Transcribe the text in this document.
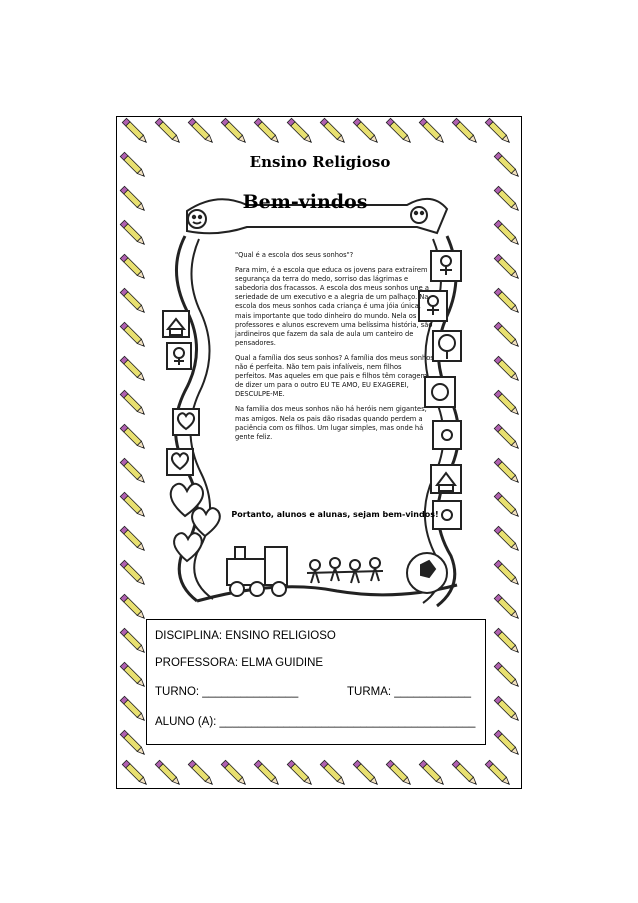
Ensino Religioso
Bem-vindos

"Qual é a escola dos seus sonhos"?

Para mim, é a escola que educa os jovens para extraírem segurança da terra do medo, sorriso das lágrimas e sabedoria dos fracassos. A escola dos meus sonhos une a seriedade de um executivo e a alegria de um palhaço. Na escola dos meus sonhos cada criança é uma jóia única, mais importante que todo dinheiro do mundo. Nela os professores e alunos escrevem uma belíssima história, são jardineiros que fazem da sala de aula um canteiro de pensadores.

Qual a família dos seus sonhos? A família dos meus sonhos não é perfeita. Não tem pais infalíveis, nem filhos perfeitos. Mas aqueles em que pais e filhos têm coragem de dizer um para o outro EU TE AMO, EU EXAGEREI, DESCULPE-ME.

Na família dos meus sonhos não há heróis nem gigantes, mas amigos. Nela os pais dão risadas quando perdem a paciência com os filhos. Um lugar simples, mas onde há gente feliz.

Portanto, alunos e alunas, sejam bem-vindos!
DISCIPLINA: ENSINO RELIGIOSO
PROFESSORA: ELMA GUIDINE
TURNO: _______________	TURMA: ____________
ALUNO (A): ________________________________________
